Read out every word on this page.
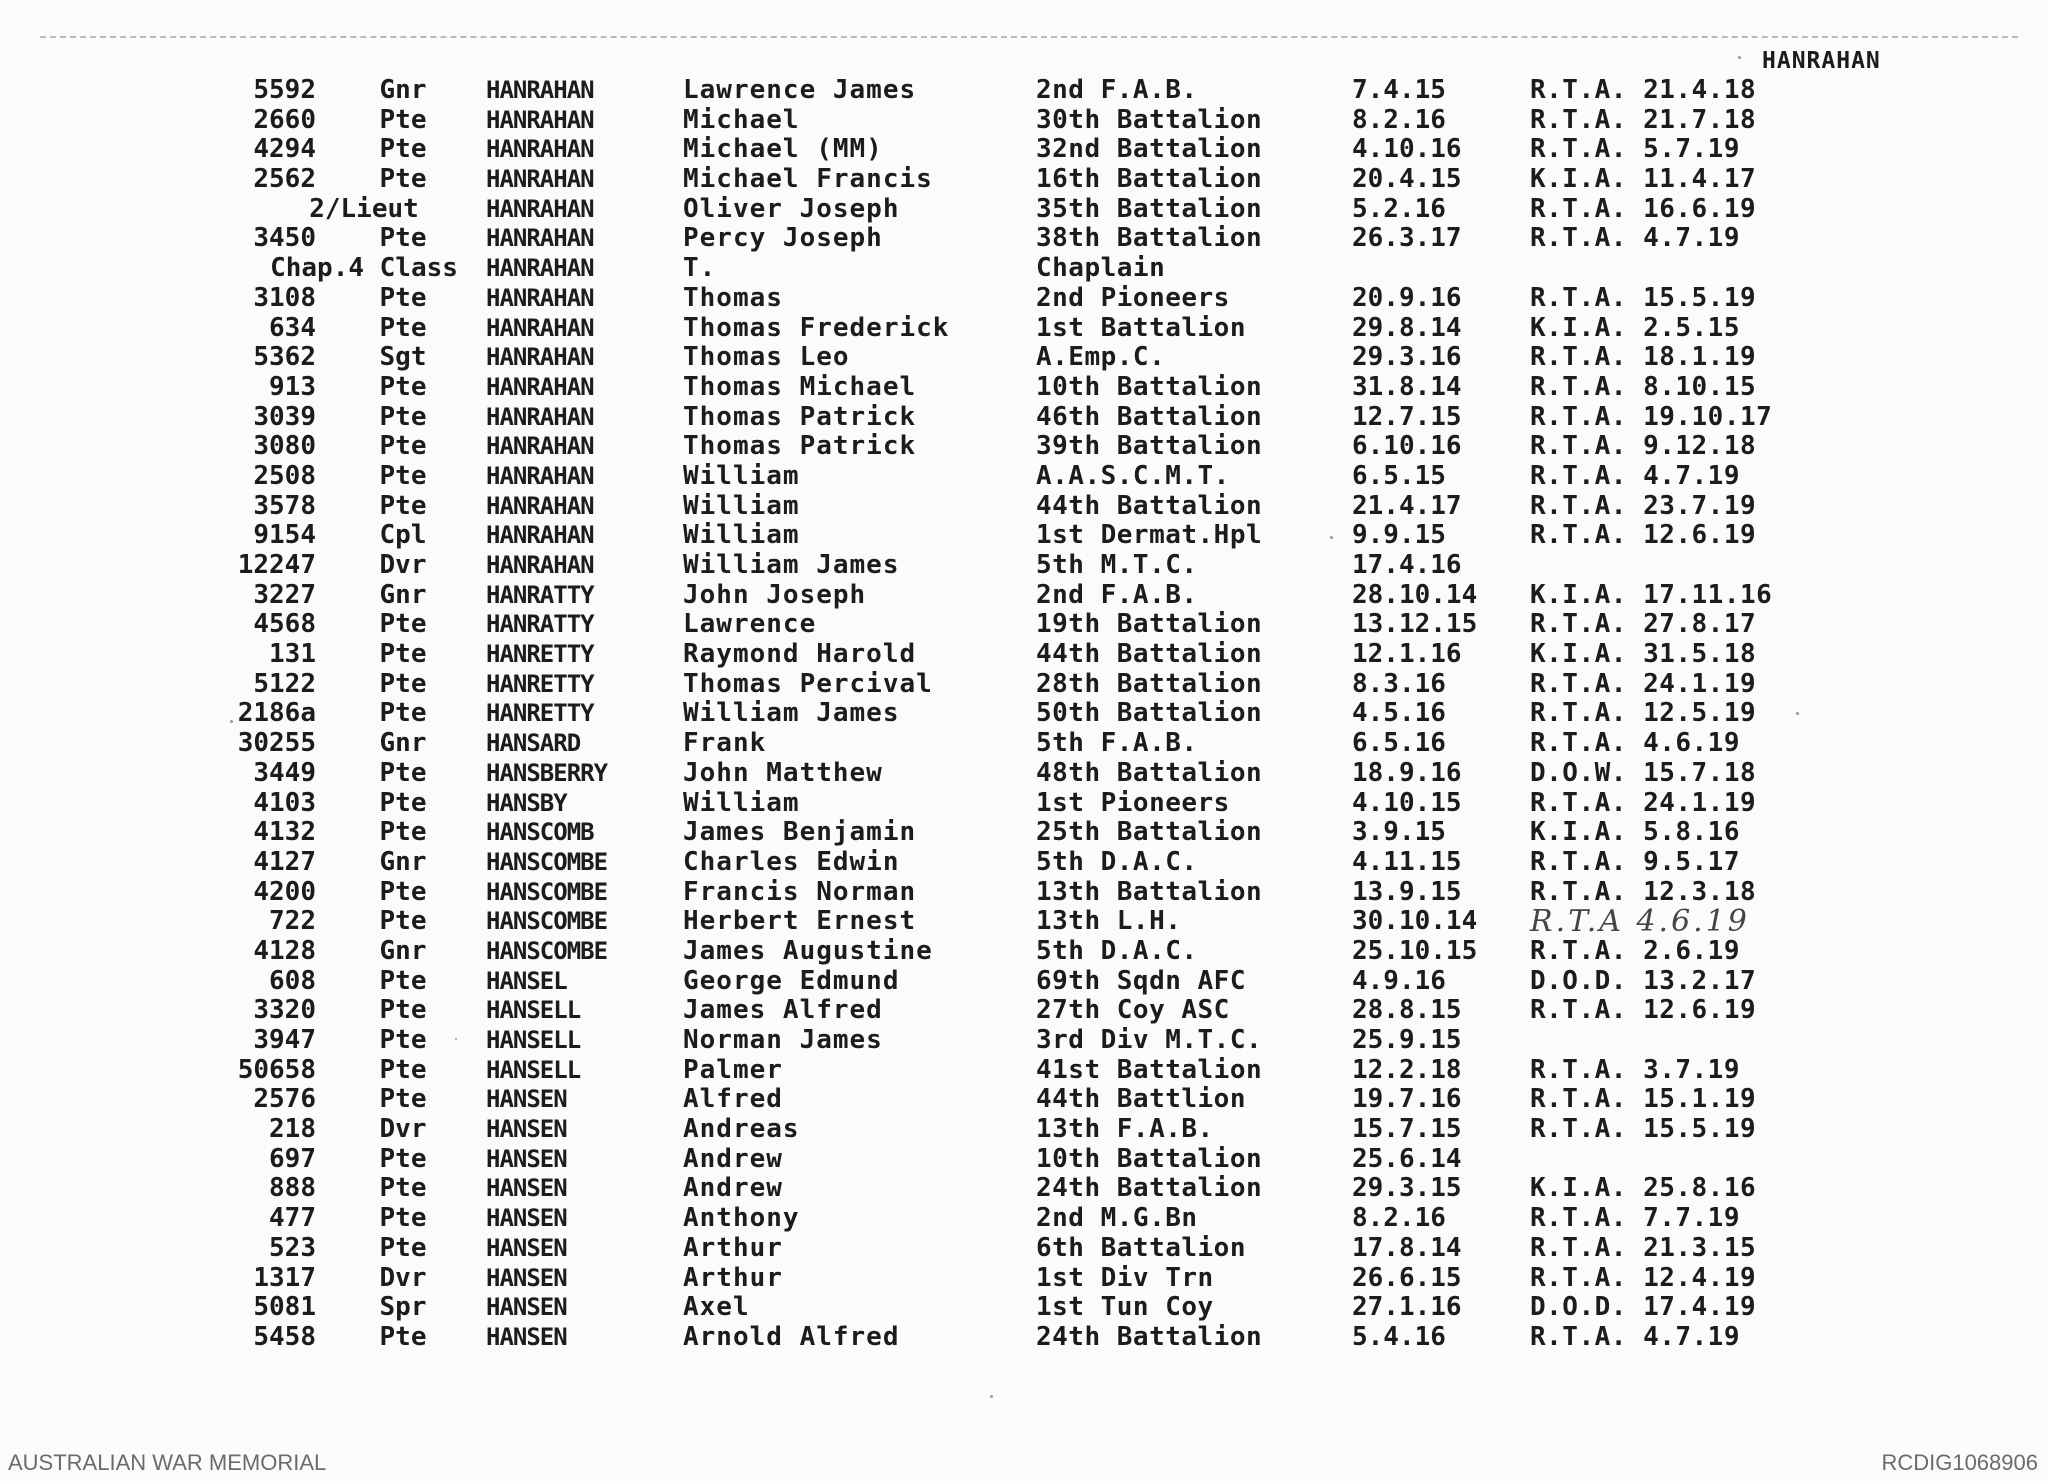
HANRAHAN
5592	Gnr	HANRAHAN	Lawrence James	2nd F.A.B.	7.4.15	R.T.A. 21.4.18
2660	Pte	HANRAHAN	Michael	30th Battalion	8.2.16	R.T.A. 21.7.18
4294	Pte	HANRAHAN	Michael (MM)	32nd Battalion	4.10.16	R.T.A. 5.7.19
2562	Pte	HANRAHAN	Michael Francis	16th Battalion	20.4.15	K.I.A. 11.4.17
2/Lieut	HANRAHAN	Oliver Joseph	35th Battalion	5.2.16	R.T.A. 16.6.19
3450	Pte	HANRAHAN	Percy Joseph	38th Battalion	26.3.17	R.T.A. 4.7.19
Chap.4 Class	HANRAHAN	T.	Chaplain
3108	Pte	HANRAHAN	Thomas	2nd Pioneers	20.9.16	R.T.A. 15.5.19
634	Pte	HANRAHAN	Thomas Frederick	1st Battalion	29.8.14	K.I.A. 2.5.15
5362	Sgt	HANRAHAN	Thomas Leo	A.Emp.C.	29.3.16	R.T.A. 18.1.19
913	Pte	HANRAHAN	Thomas Michael	10th Battalion	31.8.14	R.T.A. 8.10.15
3039	Pte	HANRAHAN	Thomas Patrick	46th Battalion	12.7.15	R.T.A. 19.10.17
3080	Pte	HANRAHAN	Thomas Patrick	39th Battalion	6.10.16	R.T.A. 9.12.18
2508	Pte	HANRAHAN	William	A.A.S.C.M.T.	6.5.15	R.T.A. 4.7.19
3578	Pte	HANRAHAN	William	44th Battalion	21.4.17	R.T.A. 23.7.19
9154	Cpl	HANRAHAN	William	1st Dermat.Hpl	9.9.15	R.T.A. 12.6.19
12247	Dvr	HANRAHAN	William James	5th M.T.C.	17.4.16
3227	Gnr	HANRATTY	John Joseph	2nd F.A.B.	28.10.14 K.I.A. 17.11.16
4568	Pte	HANRATTY	Lawrence	19th Battalion	13.12.15 R.T.A. 27.8.17
131	Pte	HANRETTY	Raymond Harold	44th Battalion	12.1.16	K.I.A. 31.5.18
5122	Pte	HANRETTY	Thomas Percival	28th Battalion	8.3.16	R.T.A. 24.1.19
2186a	Pte	HANRETTY	William James	50th Battalion	4.5.16	R.T.A. 12.5.19
30255	Gnr	HANSARD	Frank	5th F.A.B.	6.5.16	R.T.A. 4.6.19
3449	Pte	HANSBERRY	John Matthew	48th Battalion	18.9.16	D.O.W. 15.7.18
4103	Pte	HANSBY	William	1st Pioneers	4.10.15	R.T.A. 24.1.19
4132	Pte	HANSCOMB	James Benjamin	25th Battalion	3.9.15	K.I.A. 5.8.16
4127	Gnr	HANSCOMBE	Charles Edwin	5th D.A.C.	4.11.15	R.T.A. 9.5.17
4200	Pte	HANSCOMBE	Francis Norman	13th Battalion	13.9.15	R.T.A. 12.3.18
722	Pte	HANSCOMBE	Herbert Ernest	13th L.H.	30.10.14 R.T.A 4.6.19
4128	Gnr	HANSCOMBE	James Augustine	5th D.A.C.	25.10.15 R.T.A. 2.6.19
608	Pte	HANSEL	George Edmund	69th Sqdn AFC	4.9.16	D.O.D. 13.2.17
3320	Pte	HANSELL	James Alfred	27th Coy ASC	28.8.15	R.T.A. 12.6.19
3947	Pte	HANSELL	Norman James	3rd Div M.T.C.	25.9.15
50658	Pte	HANSELL	Palmer	41st Battalion	12.2.18	R.T.A. 3.7.19
2576	Pte	HANSEN	Alfred	44th Battlion	19.7.16	R.T.A. 15.1.19
218	Dvr	HANSEN	Andreas	13th F.A.B.	15.7.15	R.T.A. 15.5.19
697	Pte	HANSEN	Andrew	10th Battalion	25.6.14
888	Pte	HANSEN	Andrew	24th Battalion	29.3.15	K.I.A. 25.8.16
477	Pte	HANSEN	Anthony	2nd M.G.Bn	8.2.16	R.T.A. 7.7.19
523	Pte	HANSEN	Arthur	6th Battalion	17.8.14	R.T.A. 21.3.15
1317	Dvr	HANSEN	Arthur	1st Div Trn	26.6.15	R.T.A. 12.4.19
5081	Spr	HANSEN	Axel	1st Tun Coy	27.1.16	D.O.D. 17.4.19
5458	Pte	HANSEN	Arnold Alfred	24th Battalion	5.4.16	R.T.A. 4.7.19
AUSTRALIAN WAR MEMORIAL	RCDIG1068906
